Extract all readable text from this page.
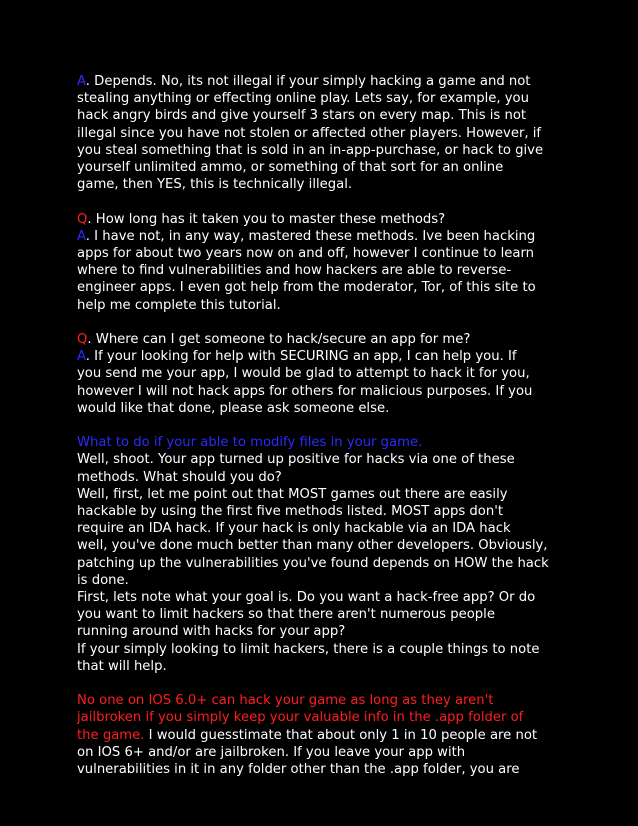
A. Depends. No, its not illegal if your simply hacking a game and not
stealing anything or effecting online play. Lets say, for example, you
hack angry birds and give yourself 3 stars on every map. This is not
illegal since you have not stolen or affected other players. However, if
you steal something that is sold in an in-app-purchase, or hack to give
yourself unlimited ammo, or something of that sort for an online
game, then YES, this is technically illegal.
Q. How long has it taken you to master these methods?
A. I have not, in any way, mastered these methods. Ive been hacking
apps for about two years now on and off, however I continue to learn
where to find vulnerabilities and how hackers are able to reverse-
engineer apps. I even got help from the moderator, Tor, of this site to
help me complete this tutorial.
Q. Where can I get someone to hack/secure an app for me?
A. If your looking for help with SECURING an app, I can help you. If
you send me your app, I would be glad to attempt to hack it for you,
however I will not hack apps for others for malicious purposes. If you
would like that done, please ask someone else.
What to do if your able to modify files in your game.
Well, shoot. Your app turned up positive for hacks via one of these
methods. What should you do?
Well, first, let me point out that MOST games out there are easily
hackable by using the first five methods listed. MOST apps don't
require an IDA hack. If your hack is only hackable via an IDA hack
well, you've done much better than many other developers. Obviously,
patching up the vulnerabilities you've found depends on HOW the hack
is done.
First, lets note what your goal is. Do you want a hack-free app? Or do
you want to limit hackers so that there aren't numerous people
running around with hacks for your app?
If your simply looking to limit hackers, there is a couple things to note
that will help.
No one on IOS 6.0+ can hack your game as long as they aren't
jailbroken if you simply keep your valuable info in the .app folder of
the game. I would guesstimate that about only 1 in 10 people are not
on IOS 6+ and/or are jailbroken. If you leave your app with
vulnerabilities in it in any folder other than the .app folder, you are
